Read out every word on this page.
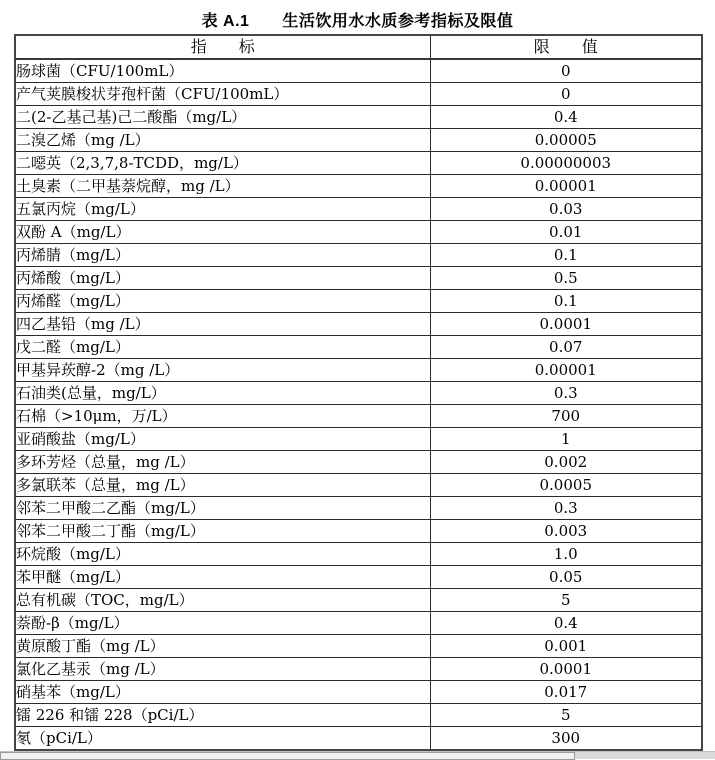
表 A.1　　生活饮用水水质参考指标及限值
指　　标	限　　值
肠球菌（CFU/100mL）	0
产气荚膜梭状芽孢杆菌（CFU/100mL）	0
二(2-乙基己基)己二酸酯（mg/L）	0.4
二溴乙烯（mg /L）	0.00005
二噁英（2,3,7,8-TCDD，mg/L）	0.00000003
土臭素（二甲基萘烷醇，mg /L）	0.00001
五氯丙烷（mg/L）	0.03
双酚 A（mg/L）	0.01
丙烯腈（mg/L）	0.1
丙烯酸（mg/L）	0.5
丙烯醛（mg/L）	0.1
四乙基铅（mg /L）	0.0001
戊二醛（mg/L）	0.07
甲基异莰醇-2（mg /L）	0.00001
石油类(总量，mg/L）	0.3
石棉（>10μm，万/L）	700
亚硝酸盐（mg/L）	1
多环芳烃（总量，mg /L）	0.002
多氯联苯（总量，mg /L）	0.0005
邻苯二甲酸二乙酯（mg/L）	0.3
邻苯二甲酸二丁酯（mg/L）	0.003
环烷酸（mg/L）	1.0
苯甲醚（mg/L）	0.05
总有机碳（TOC，mg/L）	5
萘酚-β（mg/L）	0.4
黄原酸丁酯（mg /L）	0.001
氯化乙基汞（mg /L）	0.0001
硝基苯（mg/L）	0.017
镭 226 和镭 228（pCi/L）	5
氡（pCi/L）	300
